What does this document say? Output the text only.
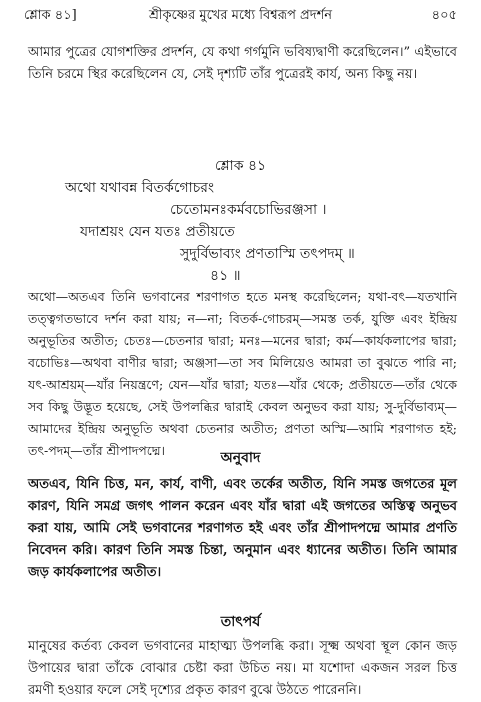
শ্লোক ৪১]	শ্রীকৃষ্ণের মুখের মধ্যে বিশ্বরূপ প্রদর্শন	৪০৫
আমার পুত্রের যোগশক্তির প্রদর্শন, যে কথা গর্গমুনি ভবিষ্যদ্বাণী করেছিলেন।” এইভাবে তিনি চরমে স্থির করেছিলেন যে, সেই দৃশ্যটি তাঁর পুত্রেরই কার্য, অন্য কিছু নয়।
শ্লোক ৪১
অথো যথাবন্ন বিতর্কগোচরং
চেতোমনঃকর্মবচোভিরঞ্জসা ।
যদাশ্রয়ং যেন যতঃ প্রতীয়তে
সুদুর্বিভাব্যং প্রণতাস্মি তৎপদম্ ॥
৪১ ॥
অথো—অতএব তিনি ভগবানের শরণাগত হতে মনস্থ করেছিলেন; যথা-বৎ—যতখানি তত্ত্বগতভাবে দর্শন করা যায়; ন—না; বিতর্ক-গোচরম্—সমস্ত তর্ক, যুক্তি এবং ইন্দ্রিয় অনুভূতির অতীত; চেতঃ—চেতনার দ্বারা; মনঃ—মনের দ্বারা; কর্ম—কার্যকলাপের দ্বারা; বচোভিঃ—অথবা বাণীর দ্বারা; অঞ্জসা—তা সব মিলিয়েও আমরা তা বুঝতে পারি না; যৎ-আশ্রয়ম্—যাঁর নিয়ন্ত্রণে; যেন—যাঁর দ্বারা; যতঃ—যাঁর থেকে; প্রতীয়তে—তাঁর থেকে সব কিছু উদ্ভূত হয়েছে, সেই উপলব্ধির দ্বারাই কেবল অনুভব করা যায়; সু-দুর্বিভাব্যম্—আমাদের ইন্দ্রিয় অনুভূতি অথবা চেতনার অতীত; প্রণতা অস্মি—আমি শরণাগত হই; তৎ-পদম্—তাঁর শ্রীপাদপদ্মে।	অনুবাদ
অতএব, যিনি চিত্ত, মন, কার্য, বাণী, এবং তর্কের অতীত, যিনি সমস্ত জগতের মূল কারণ, যিনি সমগ্র জগৎ পালন করেন এবং যাঁর দ্বারা এই জগতের অস্তিত্ব অনুভব করা যায়, আমি সেই ভগবানের শরণাগত হই এবং তাঁর শ্রীপাদপদ্মে আমার প্রণতি নিবেদন করি। কারণ তিনি সমস্ত চিন্তা, অনুমান এবং ধ্যানের অতীত। তিনি আমার জড় কার্যকলাপের অতীত।
তাৎপর্য
মানুষের কর্তব্য কেবল ভগবানের মাহাত্ম্য উপলব্ধি করা। সূক্ষ্ম অথবা স্থূল কোন জড় উপায়ের দ্বারা তাঁকে বোঝার চেষ্টা করা উচিত নয়। মা যশোদা একজন সরল চিত্ত রমণী হওয়ার ফলে সেই দৃশ্যের প্রকৃত কারণ বুঝে উঠতে পারেননি।
